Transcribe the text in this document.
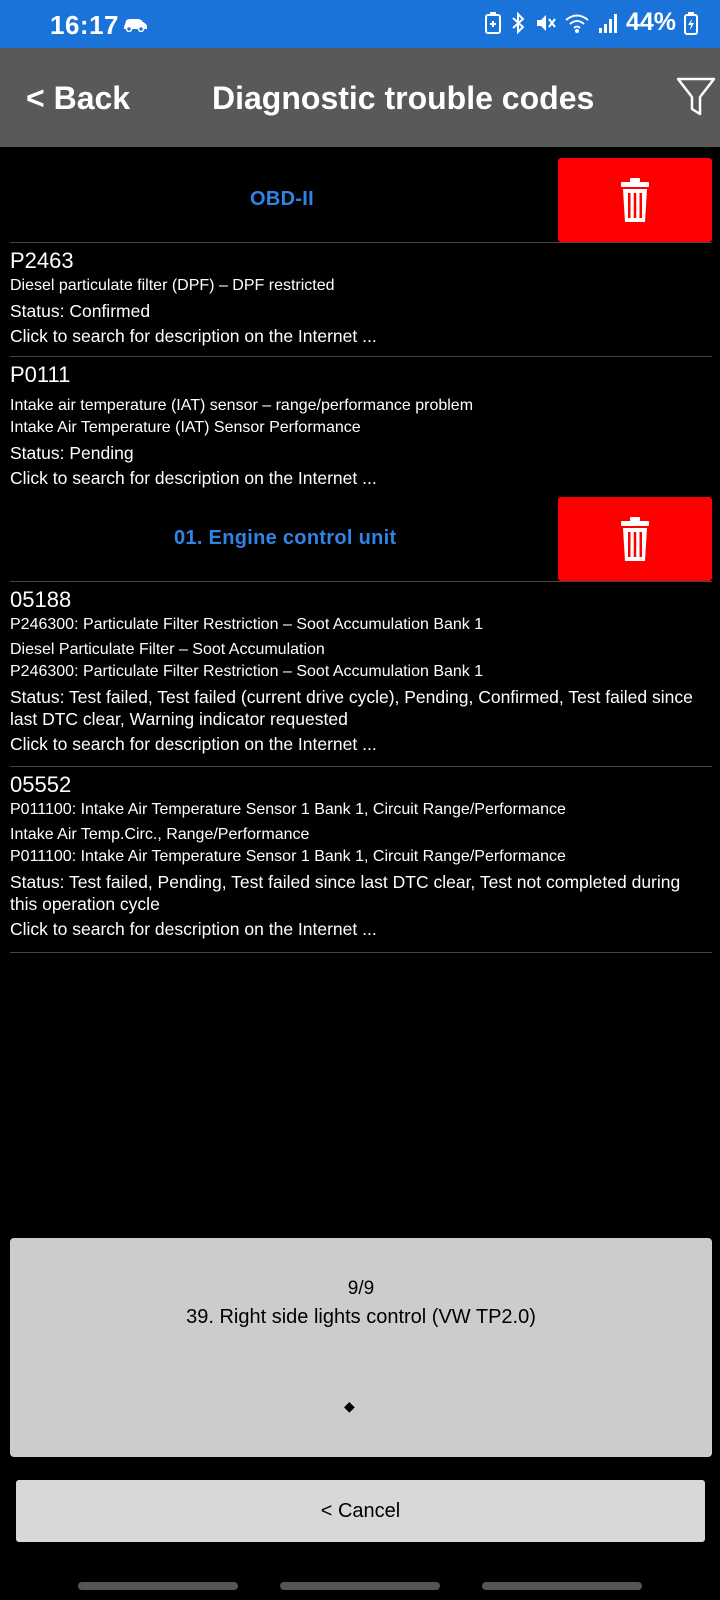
16:17	44%
< Back	Diagnostic trouble codes
OBD-II
P2463
Diesel particulate filter (DPF) – DPF restricted
Status: Confirmed
Click to search for description on the Internet ...
P0111
Intake air temperature (IAT) sensor – range/performance problem
Intake Air Temperature (IAT) Sensor Performance
Status: Pending
Click to search for description on the Internet ...
01. Engine control unit
05188
P246300: Particulate Filter Restriction – Soot Accumulation Bank 1
Diesel Particulate Filter – Soot Accumulation
P246300: Particulate Filter Restriction – Soot Accumulation Bank 1
Status: Test failed, Test failed (current drive cycle), Pending, Confirmed, Test failed since last DTC clear, Warning indicator requested
Click to search for description on the Internet ...
05552
P011100: Intake Air Temperature Sensor 1 Bank 1, Circuit Range/Performance
Intake Air Temp.Circ., Range/Performance
P011100: Intake Air Temperature Sensor 1 Bank 1, Circuit Range/Performance
Status: Test failed, Pending, Test failed since last DTC clear, Test not completed during this operation cycle
Click to search for description on the Internet ...
9/9
39. Right side lights control (VW TP2.0)
◆
< Cancel
